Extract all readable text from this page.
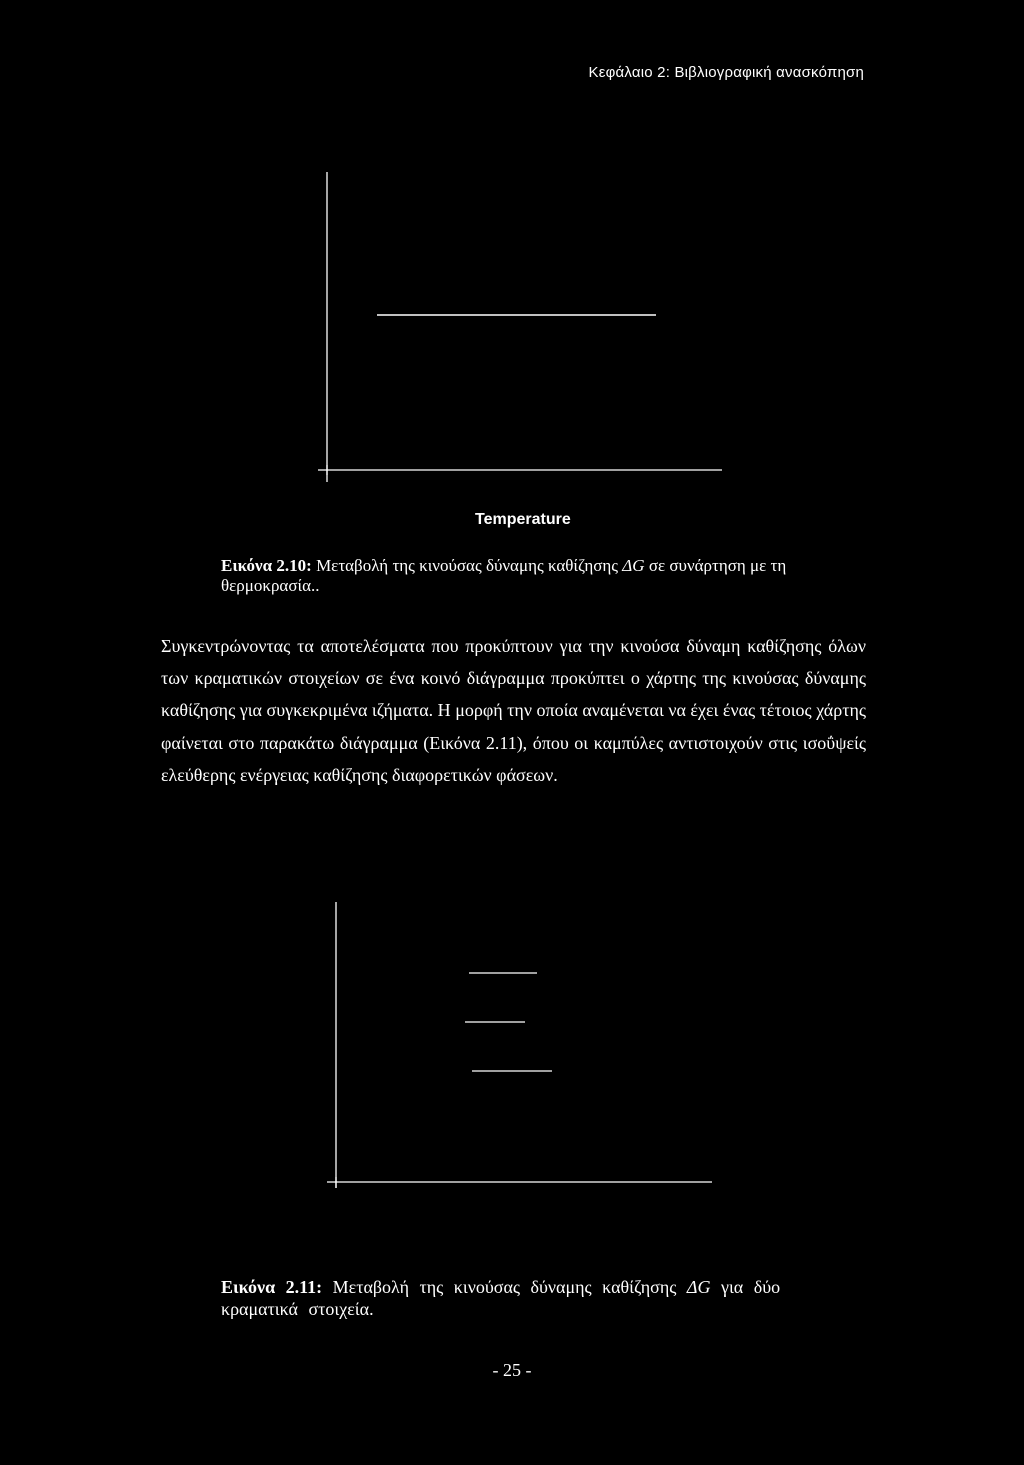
Κεφάλαιο 2: Βιβλιογραφική ανασκόπηση
Temperature
Εικόνα 2.10: Μεταβολή της κινούσας δύναμης καθίζησης ΔG σε συνάρτηση με τη θερμοκρασία..
Συγκεντρώνοντας τα αποτελέσματα που προκύπτουν για την κινούσα δύναμη καθίζησης όλων των κραματικών στοιχείων σε ένα κοινό διάγραμμα προκύπτει ο χάρτης της κινούσας δύναμης καθίζησης για συγκεκριμένα ιζήματα. Η μορφή την οποία αναμένεται να έχει ένας τέτοιος χάρτης φαίνεται στο παρακάτω διάγραμμα (Εικόνα 2.11), όπου οι καμπύλες αντιστοιχούν στις ισοΰψείς ελεύθερης ενέργειας καθίζησης διαφορετικών φάσεων.
Εικόνα 2.11: Μεταβολή της κινούσας δύναμης καθίζησης ΔG για δύο κραματικά στοιχεία.
- 25 -
